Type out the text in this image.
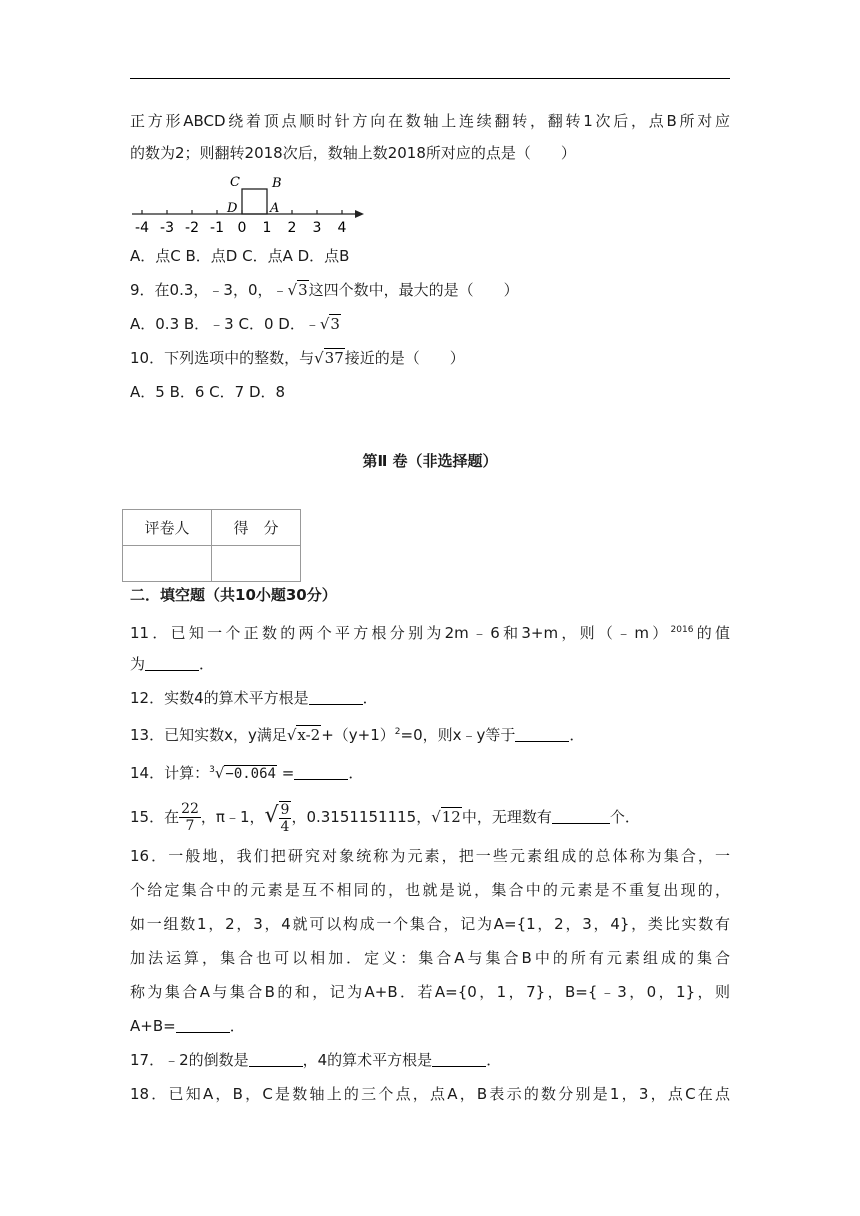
正方形ABCD绕着顶点顺时针方向在数轴上连续翻转，翻转1次后，点B所对应
的数为2；则翻转2018次后，数轴上数2018所对应的点是（　　）
-4 -3 -2 -1 0 1 2 3 4
C B
D	A
A．点C B．点D C．点A D．点B
9．在0.3，﹣3，0，﹣√3这四个数中，最大的是（　　）
A．0.3 B．﹣3 C．0 D．﹣√3
10．下列选项中的整数，与√37接近的是（　　）
A．5 B．6 C．7 D．8
第Ⅱ 卷（非选择题）
评卷人	得　分

二．填空题（共10小题30分）
11．已知一个正数的两个平方根分别为2m﹣6和3+m，则（﹣m）$^{2016}$的值
为	．
12．实数4的算术平方根是	．
13．已知实数x，y满足$√x-2+(y+1)^2=0$，则x﹣y等于	．
14．计算：$^3$√−0.064 =	．
15．在 $\frac{22}{7}$ ，π﹣1，√ $\frac{9}{4}$ ，0.3151151115，√12中，无理数有	个．
16．一般地，我们把研究对象统称为元素，把一些元素组成的总体称为集合，一
个给定集合中的元素是互不相同的，也就是说，集合中的元素是不重复出现的，
如一组数1，2，3，4就可以构成一个集合，记为A={1，2，3，4}，类比实数有
加法运算，集合也可以相加．定义：集合A与集合B中的所有元素组成的集合
称为集合A与集合B的和，记为A+B．若A={0，1，7}，B={﹣3，0，1}，则
A+B=	．
17．﹣2的倒数是	，4的算术平方根是	．
18．已知A，B，C是数轴上的三个点，点A，B表示的数分别是1，3，点C在点
